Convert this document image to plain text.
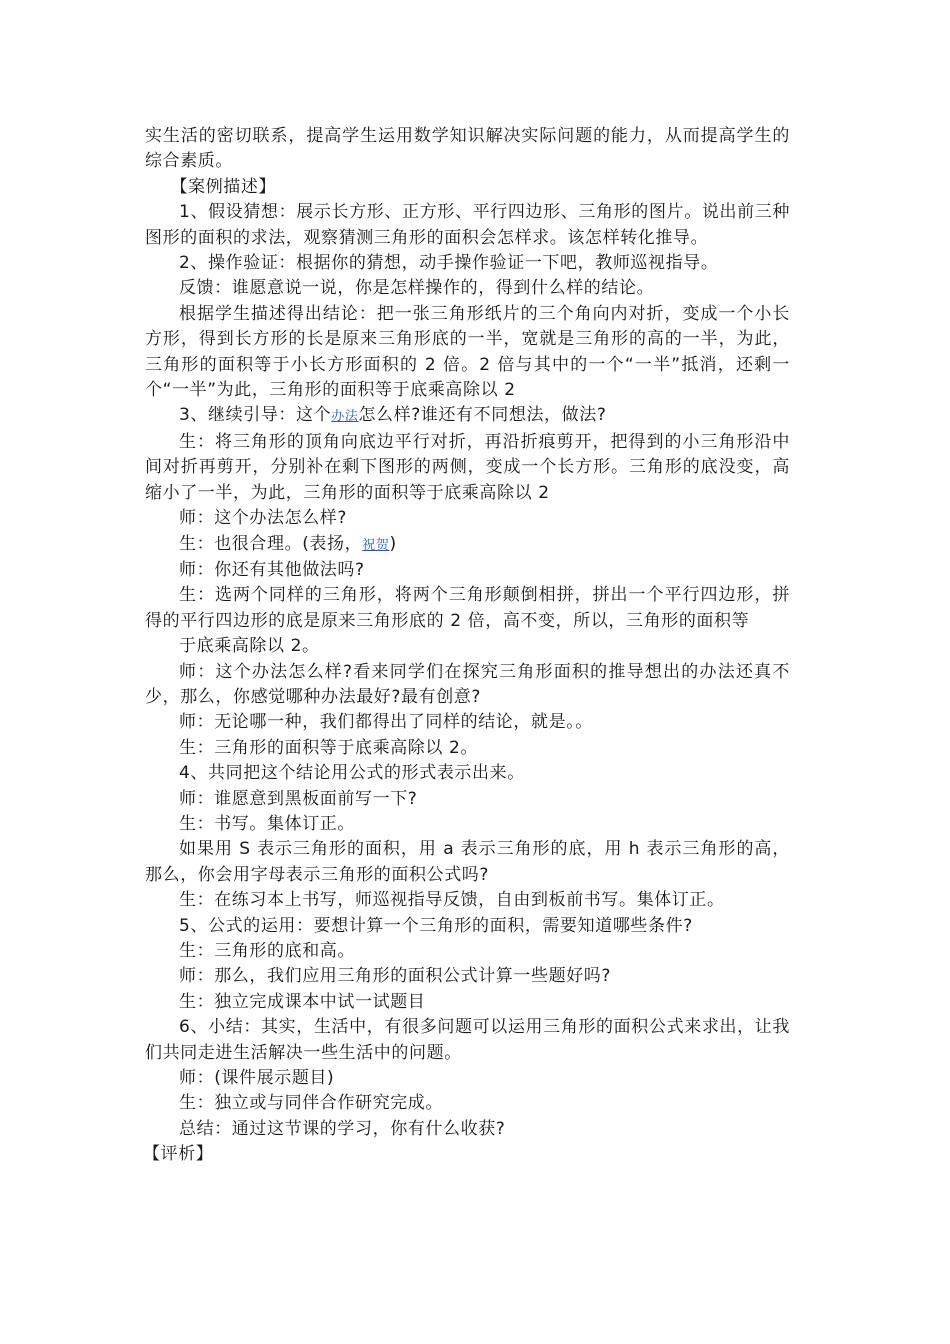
实生活的密切联系，提高学生运用数学知识解决实际问题的能力，从而提高学生的综合素质。

【案例描述】

1、假设猜想：展示长方形、正方形、平行四边形、三角形的图片。说出前三种图形的面积的求法，观察猜测三角形的面积会怎样求。该怎样转化推导。

2、操作验证：根据你的猜想，动手操作验证一下吧，教师巡视指导。

反馈：谁愿意说一说，你是怎样操作的，得到什么样的结论。

根据学生描述得出结论：把一张三角形纸片的三个角向内对折，变成一个小长方形，得到长方形的长是原来三角形底的一半，宽就是三角形的高的一半，为此，三角形的面积等于小长方形面积的 2 倍。2 倍与其中的一个“一半”抵消，还剩一个“一半”为此，三角形的面积等于底乘高除以 2

3、继续引导：这个办法怎么样?谁还有不同想法，做法?

生：将三角形的顶角向底边平行对折，再沿折痕剪开，把得到的小三角形沿中间对折再剪开，分别补在剩下图形的两侧，变成一个长方形。三角形的底没变，高缩小了一半，为此，三角形的面积等于底乘高除以 2

师：这个办法怎么样?

生：也很合理。(表扬，祝贺)

师：你还有其他做法吗?

生：选两个同样的三角形，将两个三角形颠倒相拼，拼出一个平行四边形，拼得的平行四边形的底是原来三角形底的 2 倍，高不变，所以，三角形的面积等

于底乘高除以 2。

师：这个办法怎么样?看来同学们在探究三角形面积的推导想出的办法还真不少，那么，你感觉哪种办法最好?最有创意?

师：无论哪一种，我们都得出了同样的结论，就是。。

生：三角形的面积等于底乘高除以 2。

4、共同把这个结论用公式的形式表示出来。

师：谁愿意到黑板面前写一下?

生：书写。集体订正。

如果用 S 表示三角形的面积，用 a 表示三角形的底，用 h 表示三角形的高，那么，你会用字母表示三角形的面积公式吗?

生：在练习本上书写，师巡视指导反馈，自由到板前书写。集体订正。

5、公式的运用：要想计算一个三角形的面积，需要知道哪些条件?

生：三角形的底和高。

师：那么，我们应用三角形的面积公式计算一些题好吗?

生：独立完成课本中试一试题目

6、小结：其实，生活中，有很多问题可以运用三角形的面积公式来求出，让我们共同走进生活解决一些生活中的问题。

师：(课件展示题目)

生：独立或与同伴合作研究完成。

总结：通过这节课的学习，你有什么收获?

【评析】
